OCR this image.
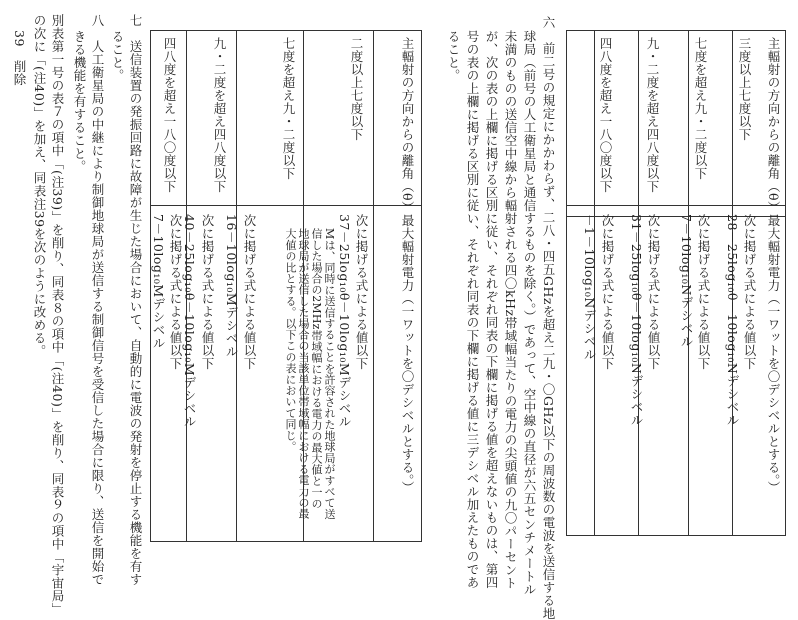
主輻射の方向からの離角（θ）
三度以上七度以下
七度を超え九・二度以下
九・二度を超え四八度以下
四八度を超え一八〇度以下
最大輻射電力（一ワットを〇デシベルとする。）
次に掲げる式による値以下
28－25log₁₀θ－10log₁₀Nデシベル
次に掲げる式による値以下
7－10log₁₀Nデシベル
次に掲げる式による値以下
31－25log₁₀θ－10log₁₀Nデシベル
次に掲げる式による値以下
－1－10log₁₀Nデシベル
六　前二号の規定にかかわらず、二八・四五GHzを超え二九・〇GHz以下の周波数の電波を送信する地
球局（前号の人工衛星局と通信するものを除く。）であって、空中線の直径が六五センチメートル
未満のものの送信空中線から輻射される四〇kHz帯域幅当たりの電力の尖頭値の九〇パーセント
が、次の表の上欄に掲げる区別に従い、それぞれ同表の下欄に掲げる値を超えないものは、第四
号の表の上欄に掲げる区別に従い、それぞれ同表の下欄に掲げる値に三デシベル加えたものであ
ること。
主輻射の方向からの離角（θ）
二度以上七度以下
七度を超え九・二度以下
九・二度を超え四八度以下
四八度を超え一八〇度以下
最大輻射電力（一ワットを〇デシベルとする。）
次に掲げる式による値以下
37－25log₁₀θ－10log₁₀Mデシベル
Mは、同時に送信することを許容された地球局がすべて送
信した場合の2MHz帯域幅における電力の最大値と一の
地球局が送信した場合の当該単位帯域幅における電力の最
大値の比とする。以下この表において同じ。
次に掲げる式による値以下
16－10log₁₀Mデシベル
次に掲げる式による値以下
40－25log₁₀θ－10log₁₀Mデシベル
次に掲げる式による値以下
7－10log₁₀Mデシベル
七　送信装置の発振回路に故障が生じた場合において、自動的に電波の発射を停止する機能を有す
ること。
八　人工衛星局の中継により制御地球局が送信する制御信号を受信した場合に限り、送信を開始で
きる機能を有すること。
別表第一号の表７の項中「(注39)」を削り、同表８の項中「(注40)」を削り、同表９の項中「宇宙局」
の次に「(注40)」を加え、同表注39を次のように改める。
39　削除
